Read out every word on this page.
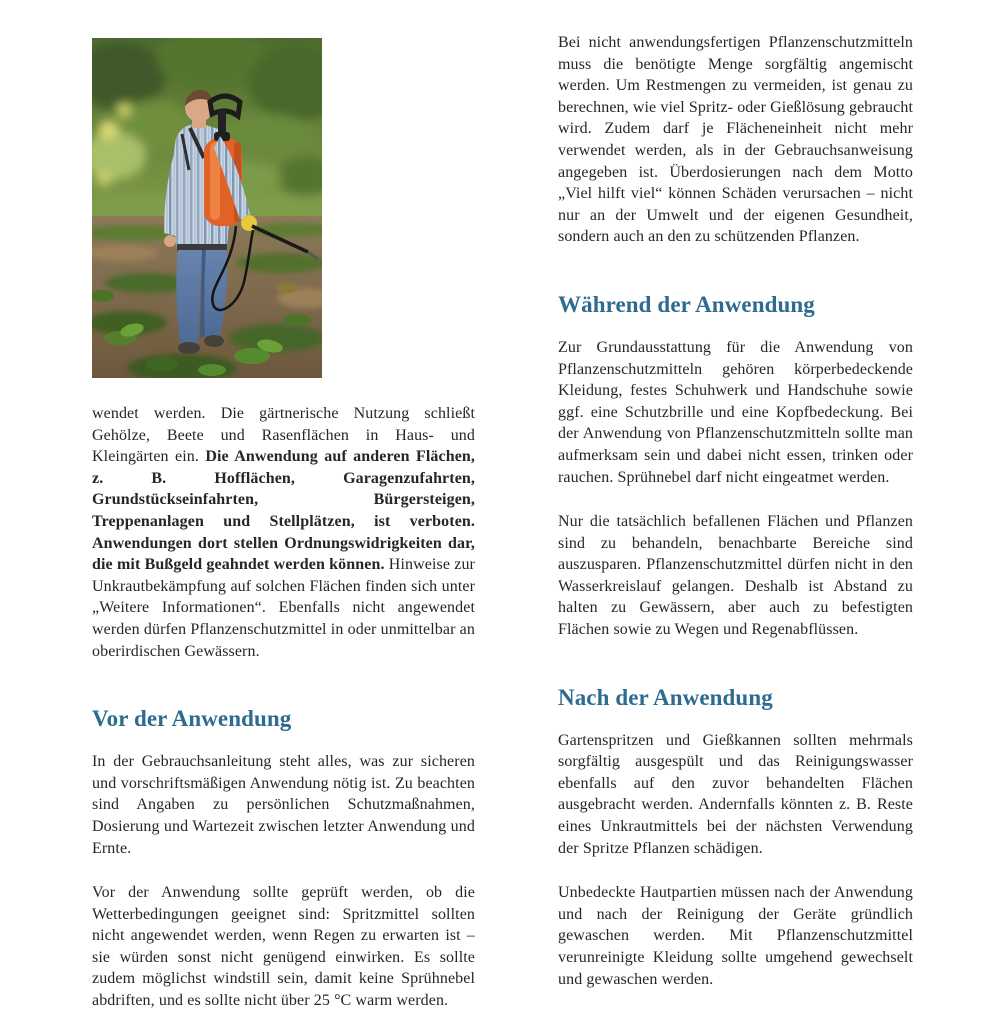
wendet werden. Die gärtnerische Nutzung schließt Gehölze, Beete und Rasenflächen in Haus- und Kleingärten ein. Die Anwendung auf anderen Flächen, z. B. Hofflächen, Garagenzufahrten, Grundstückseinfahrten, Bürgersteigen, Treppenanlagen und Stellplätzen, ist verboten. Anwendungen dort stellen Ordnungswidrigkeiten dar, die mit Bußgeld geahndet werden können. Hinweise zur Unkrautbekämpfung auf solchen Flächen finden sich unter „Weitere Informationen“. Ebenfalls nicht angewendet werden dürfen Pflanzenschutzmittel in oder unmittelbar an oberirdischen Gewässern.

Vor der Anwendung

In der Gebrauchsanleitung steht alles, was zur sicheren und vorschriftsmäßigen Anwendung nötig ist. Zu beachten sind Angaben zu persönlichen Schutzmaßnahmen, Dosierung und Wartezeit zwischen letzter Anwendung und Ernte.

Vor der Anwendung sollte geprüft werden, ob die Wetterbedingungen geeignet sind: Spritzmittel sollten nicht angewendet werden, wenn Regen zu erwarten ist – sie würden sonst nicht genügend einwirken. Es sollte zudem möglichst windstill sein, damit keine Sprühnebel abdriften, und es sollte nicht über 25 °C warm werden.

Bei nicht anwendungsfertigen Pflanzenschutzmitteln muss die benötigte Menge sorgfältig angemischt werden. Um Restmengen zu vermeiden, ist genau zu berechnen, wie viel Spritz- oder Gießlösung gebraucht wird. Zudem darf je Flächeneinheit nicht mehr verwendet werden, als in der Gebrauchsanweisung angegeben ist. Überdosierungen nach dem Motto „Viel hilft viel“ können Schäden verursachen – nicht nur an der Umwelt und der eigenen Gesundheit, sondern auch an den zu schützenden Pflanzen.

Während der Anwendung

Zur Grundausstattung für die Anwendung von Pflanzenschutzmitteln gehören körperbedeckende Kleidung, festes Schuhwerk und Handschuhe sowie ggf. eine Schutzbrille und eine Kopfbedeckung. Bei der Anwendung von Pflanzenschutzmitteln sollte man aufmerksam sein und dabei nicht essen, trinken oder rauchen. Sprühnebel darf nicht eingeatmet werden.

Nur die tatsächlich befallenen Flächen und Pflanzen sind zu behandeln, benachbarte Bereiche sind auszusparen. Pflanzenschutzmittel dürfen nicht in den Wasserkreislauf gelangen. Deshalb ist Abstand zu halten zu Gewässern, aber auch zu befestigten Flächen sowie zu Wegen und Regenabflüssen.

Nach der Anwendung

Gartenspritzen und Gießkannen sollten mehrmals sorgfältig ausgespült und das Reinigungswasser ebenfalls auf den zuvor behandelten Flächen ausgebracht werden. Andernfalls könnten z. B. Reste eines Unkrautmittels bei der nächsten Verwendung der Spritze Pflanzen schädigen.

Unbedeckte Hautpartien müssen nach der Anwendung und nach der Reinigung der Geräte gründlich gewaschen werden. Mit Pflanzenschutzmittel verunreinigte Kleidung sollte umgehend gewechselt und gewaschen werden.
